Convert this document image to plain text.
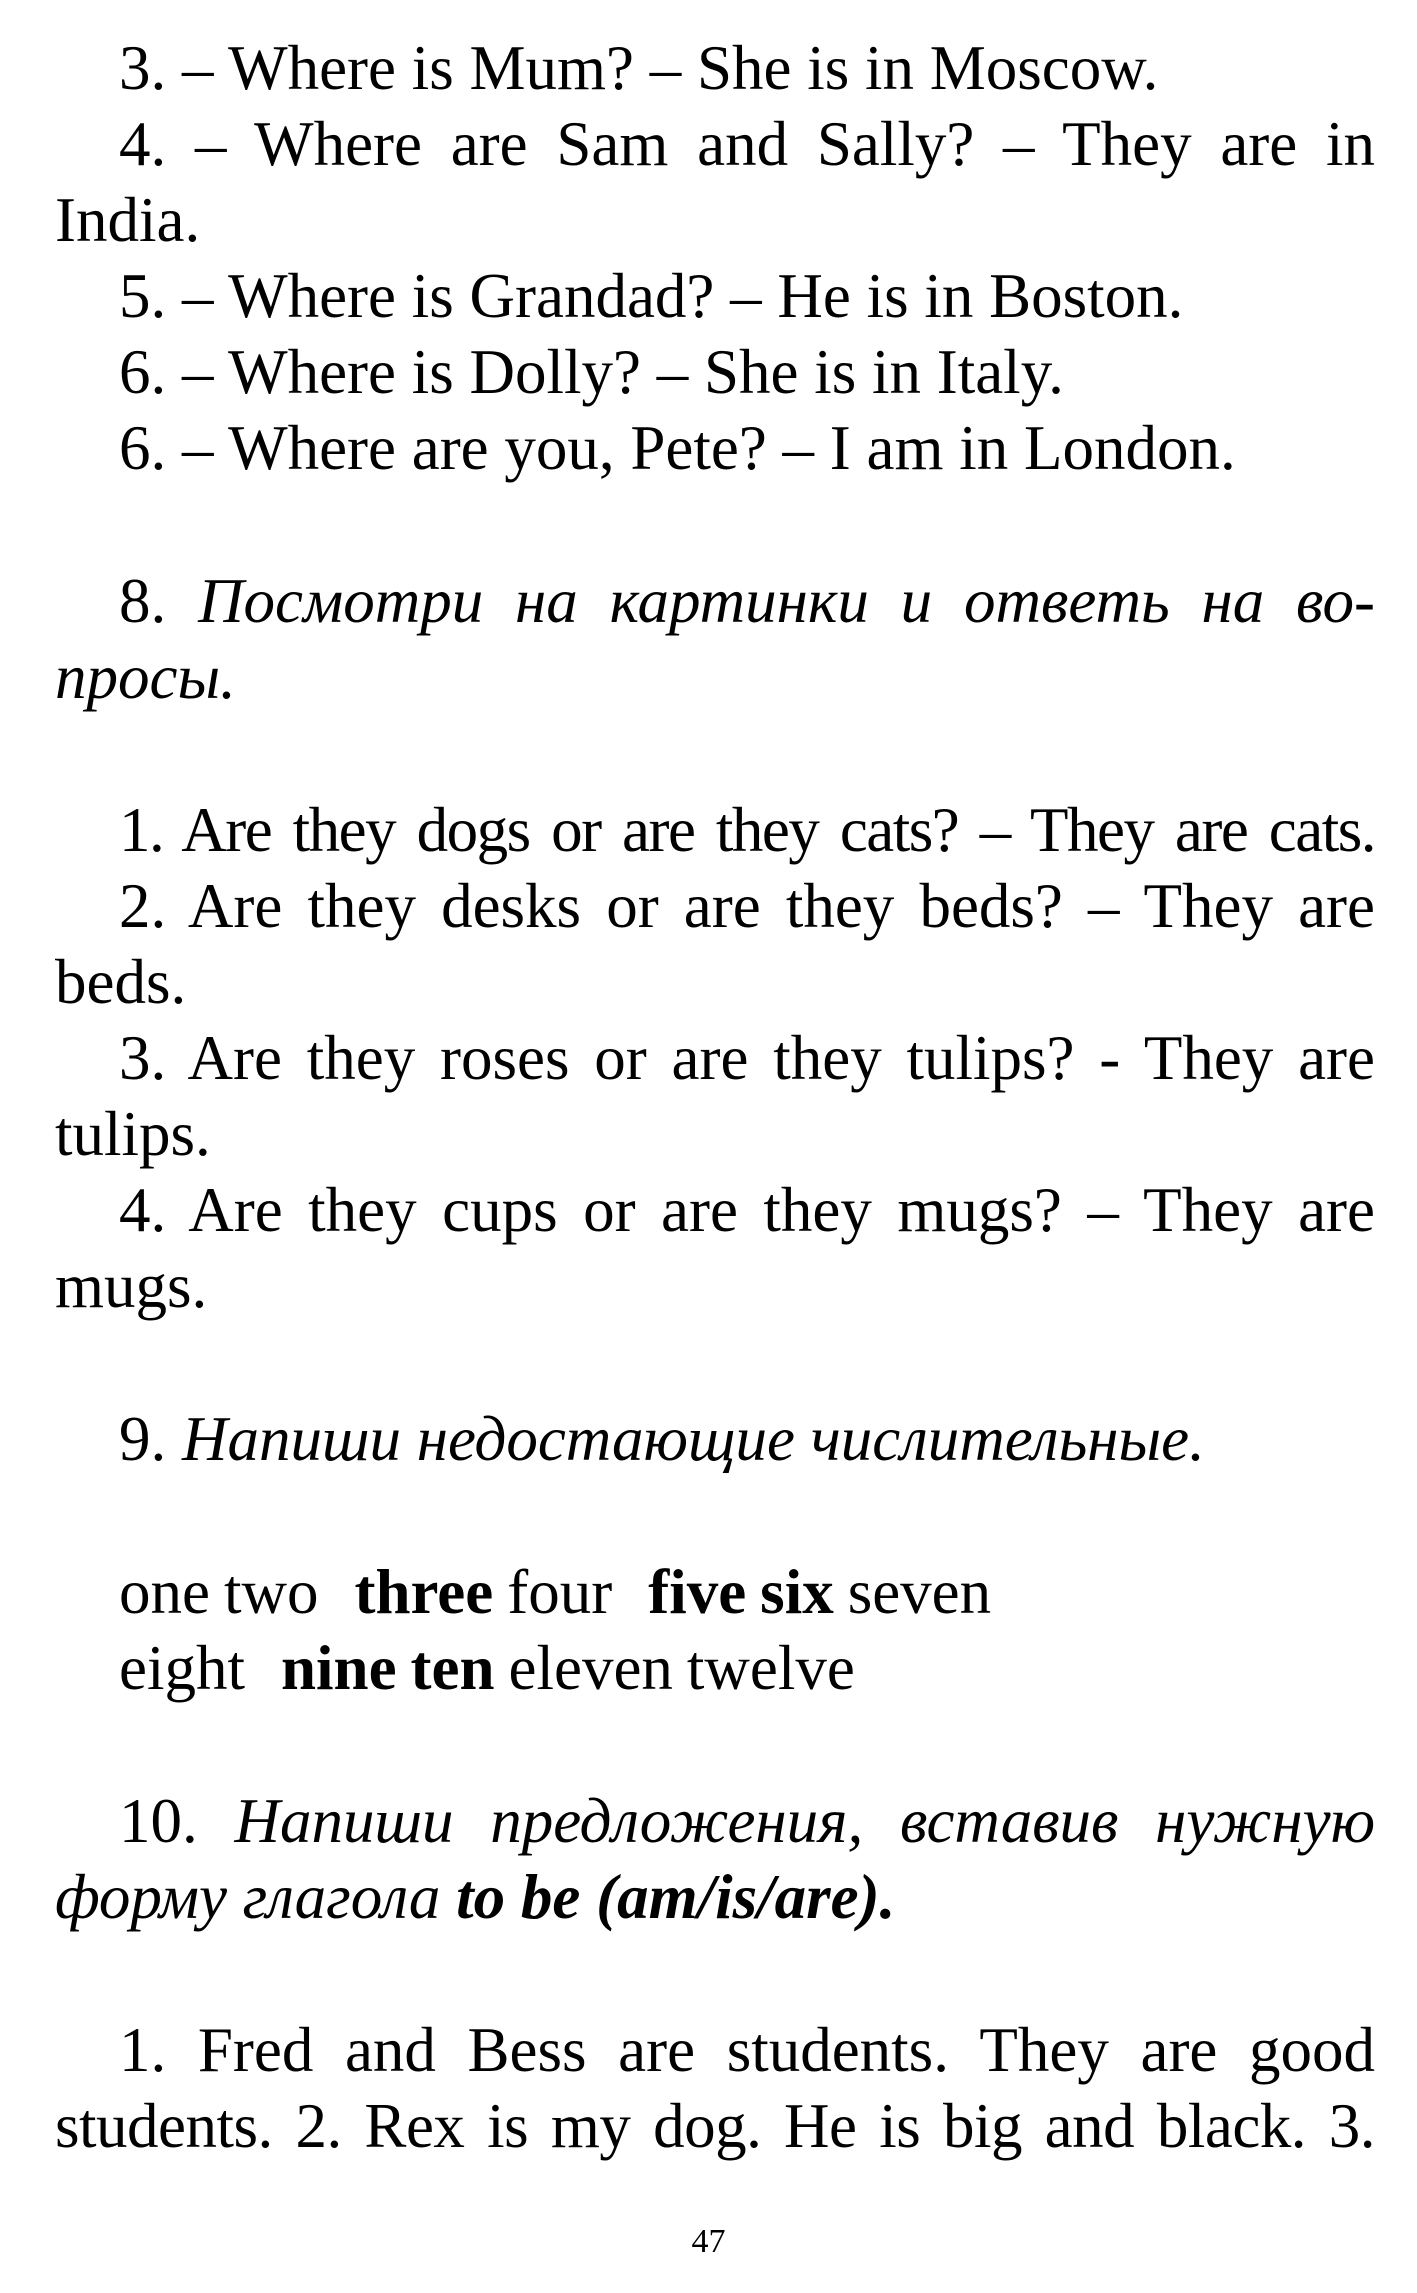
3. – Where is Mum? – She is in Moscow.
4. – Where are Sam and Sally? – They are in
India.
5. – Where is Grandad? – He is in Boston.
6. – Where is Dolly? – She is in Italy.
6. – Where are you, Pete? – I am in London.
8. Посмотри на картинки и ответь на во-
просы.
1. Are they dogs or are they cats? – They are cats.
2. Are they desks or are they beds? – They are
beds.
3. Are they roses or are they tulips? - They are
tulips.
4. Are they cups or are they mugs? – They are
mugs.
9. Напиши недостающие числительные.
one two three four five six seven
eight nine ten eleven twelve
10. Напиши предложения, вставив нужную
форму глагола to be (am/is/are).
1. Fred and Bess are students. They are good
students. 2. Rex is my dog. He is big and black. 3.
47
